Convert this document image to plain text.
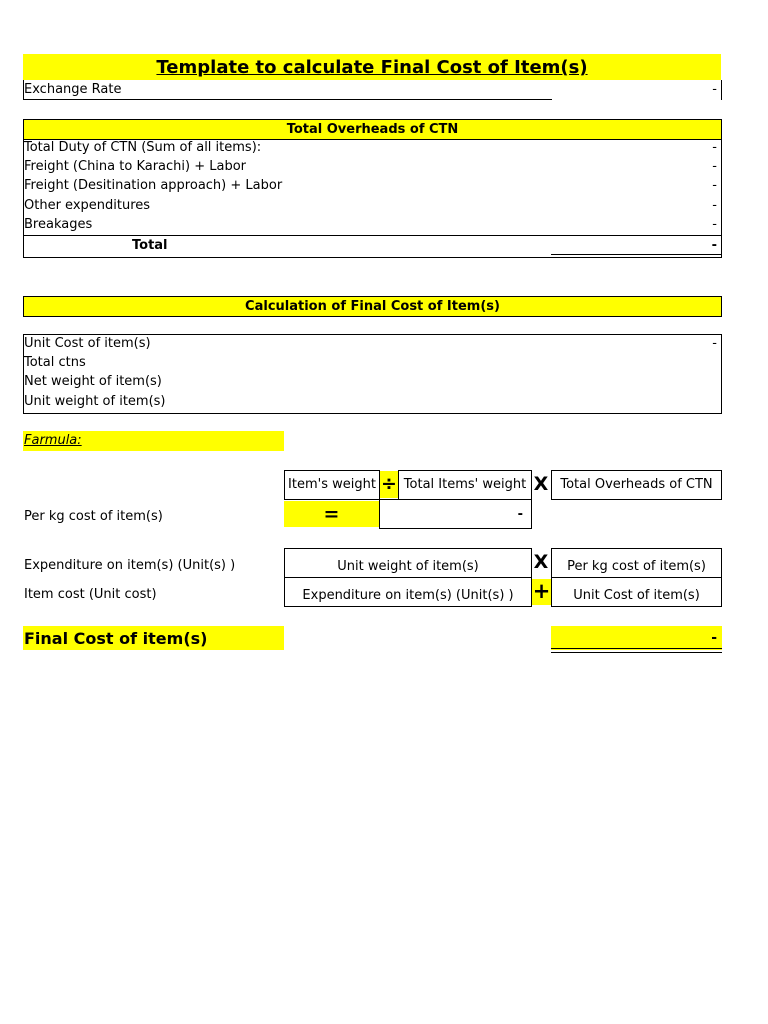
Template to calculate Final Cost of Item(s)
Exchange Rate	-
Total Overheads of CTN
Total Duty of CTN (Sum of all items):	-
Freight (China to Karachi) + Labor	-
Freight (Desitination approach) + Labor	-
Other expenditures	-
Breakages	-
Total	-
Calculation of Final Cost of Item(s)
Unit Cost of item(s)	-
Total ctns
Net weight of item(s)
Unit weight of item(s)
Farmula:
Item's weight ÷ Total Items' weight X Total Overheads of CTN
Per kg cost of item(s)	=	-
Expenditure on item(s) (Unit(s) )	Unit weight of item(s)	X	Per kg cost of item(s)
Item cost (Unit cost)	Expenditure on item(s) (Unit(s) ) +	Unit Cost of item(s)
Final Cost of item(s)	-
